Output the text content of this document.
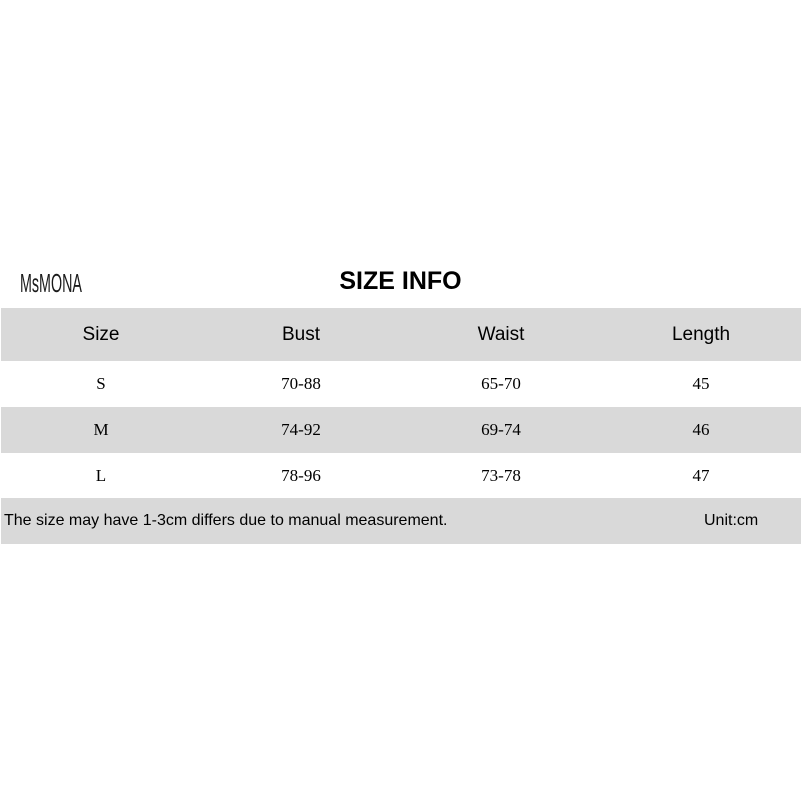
MsMONA	SIZE INFO
Size	Bust	Waist	Length
S	70-88	65-70	45
M	74-92	69-74	46
L	78-96	73-78	47
The size may have 1-3cm differs due to manual measurement.	Unit:cm
